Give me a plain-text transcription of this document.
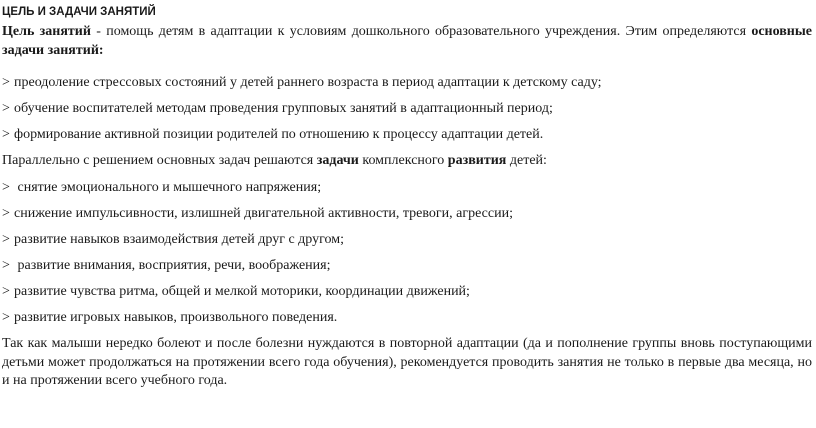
ЦЕЛЬ И ЗАДАЧИ ЗАНЯТИЙ
Цель занятий - помощь детям в адаптации к условиям дошкольного образовательного учреждения. Этим определяются основные задачи занятий:
> преодоление стрессовых состояний у детей раннего возраста в период адаптации к детскому саду;
> обучение воспитателей методам проведения групповых занятий в адаптационный период;
> формирование активной позиции родителей по отношению к процессу адаптации детей.
Параллельно с решением основных задач решаются задачи комплексного развития детей:
> снятие эмоционального и мышечного напряжения;
> снижение импульсивности, излишней двигательной активности, тревоги, агрессии;
> развитие навыков взаимодействия детей друг с другом;
> развитие внимания, восприятия, речи, воображения;
> развитие чувства ритма, общей и мелкой моторики, координации движений;
> развитие игровых навыков, произвольного поведения.
Так как малыши нередко болеют и после болезни нуждаются в повторной адаптации (да и пополнение группы вновь поступающими детьми может продолжаться на протяжении всего года обучения), рекомендуется проводить занятия не только в первые два месяца, но и на протяжении всего учебного года.
